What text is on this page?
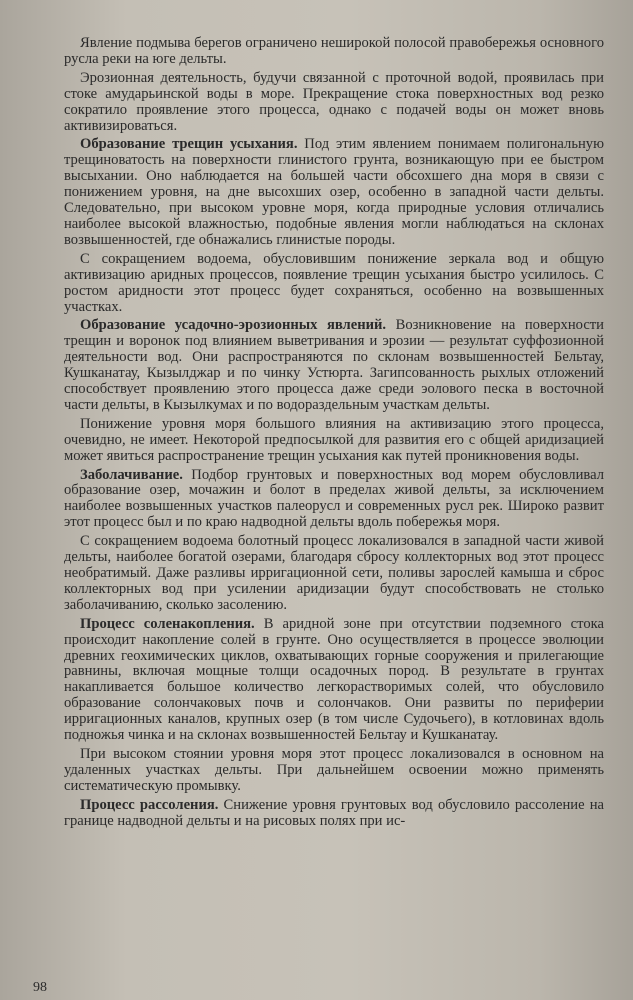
Явление подмыва берегов ограничено неширокой полосой правобережья основного русла реки на юге дельты.

Эрозионная деятельность, будучи связанной с проточной водой, проявилась при стоке амударьинской воды в море. Прекращение стока поверхностных вод резко сократило проявление этого процесса, однако с подачей воды он может вновь активизироваться.

Образование трещин усыхания. Под этим явлением понимаем полигональную трещиноватость на поверхности глинистого грунта, возникающую при ее быстром высыхании. Оно наблюдается на большей части обсохшего дна моря в связи с понижением уровня, на дне высохших озер, особенно в западной части дельты. Следовательно, при высоком уровне моря, когда природные условия отличались наиболее высокой влажностью, подобные явления могли наблюдаться на склонах возвышенностей, где обнажались глинистые породы.

С сокращением водоема, обусловившим понижение зеркала вод и общую активизацию аридных процессов, появление трещин усыхания быстро усилилось. С ростом аридности этот процесс будет сохраняться, особенно на возвышенных участках.

Образование усадочно-эрозионных явлений. Возникновение на поверхности трещин и воронок под влиянием выветривания и эрозии — результат суффозионной деятельности вод. Они распространяются по склонам возвышенностей Бельтау, Кушканатау, Кызылджар и по чинку Устюрта. Загипсованность рыхлых отложений способствует проявлению этого процесса даже среди эолового песка в восточной части дельты, в Кызылкумах и по водораздельным участкам дельты.

Понижение уровня моря большого влияния на активизацию этого процесса, очевидно, не имеет. Некоторой предпосылкой для развития его с общей аридизацией может явиться распространение трещин усыхания как путей проникновения воды.

Заболачивание. Подбор грунтовых и поверхностных вод морем обусловливал образование озер, мочажин и болот в пределах живой дельты, за исключением наиболее возвышенных участков палеорусл и современных русл рек. Широко развит этот процесс был и по краю надводной дельты вдоль побережья моря.

С сокращением водоема болотный процесс локализовался в западной части живой дельты, наиболее богатой озерами, благодаря сбросу коллекторных вод этот процесс необратимый. Даже разливы ирригационной сети, поливы зарослей камыша и сброс коллекторных вод при усилении аридизации будут способствовать не столько заболачиванию, сколько засолению.

Процесс соленакопления. В аридной зоне при отсутствии подземного стока происходит накопление солей в грунте. Оно осуществляется в процессе эволюции древних геохимических циклов, охватывающих горные сооружения и прилегающие равнины, включая мощные толщи осадочных пород. В результате в грунтах накапливается большое количество легкорастворимых солей, что обусловило образование солончаковых почв и солончаков. Они развиты по периферии ирригационных каналов, крупных озер (в том числе Судочьего), в котловинах вдоль подножья чинка и на склонах возвышенностей Бельтау и Кушканатау.

При высоком стоянии уровня моря этот процесс локализовался в основном на удаленных участках дельты. При дальнейшем освоении можно применять систематическую промывку.

Процесс рассоления. Снижение уровня грунтовых вод обусловило рассоление на границе надводной дельты и на рисовых полях при ис-

98
